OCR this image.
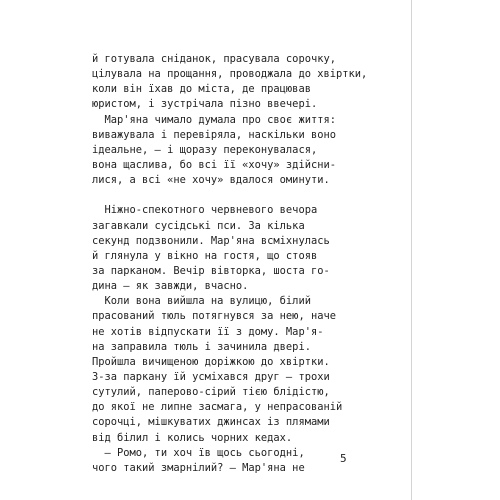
й готувала сніданок, прасувала сорочку,
цілувала на прощання, проводжала до хвіртки,
коли він їхав до міста, де працював
юристом, і зустрічала пізно ввечері.
Мар'яна чимало думала про своє життя:
виважувала і перевіряла, наскільки воно
ідеальне, — і щоразу переконувалася,
вона щаслива, бо всі її «хочу» здійсни-
лися, а всі «не хочу» вдалося оминути.
Ніжно-спекотного червневого вечора
загавкали сусідські пси. За кілька
секунд подзвонили. Мар'яна всміхнулась
й глянула у вікно на гостя, що стояв
за парканом. Вечір вівторка, шоста го-
дина — як завжди, вчасно.
Коли вона вийшла на вулицю, білий
прасований тюль потягнувся за нею, наче
не хотів відпускати її з дому. Мар'я-
на заправила тюль і зачинила двері.
Пройшла вичищеною доріжкою до хвіртки.
З-за паркану їй усміхався друг — трохи
сутулий, паперово-сірий тією блідістю,
до якої не липне засмага, у непрасованій
сорочці, мішкуватих джинсах із плямами
від білил і колись чорних кедах.
— Ромо, ти хоч їв щось сьогодні,
чого такий змарнілий? — Мар'яна не
5
